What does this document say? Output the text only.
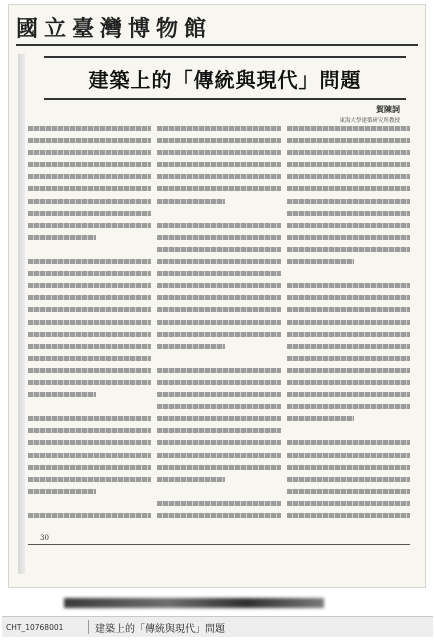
國立臺灣博物館
建築上的「傳統與現代」問題
賀陳詞
東海大學建築研究所教授
30
CHT_10768001	建築上的「傳統與現代」問題
